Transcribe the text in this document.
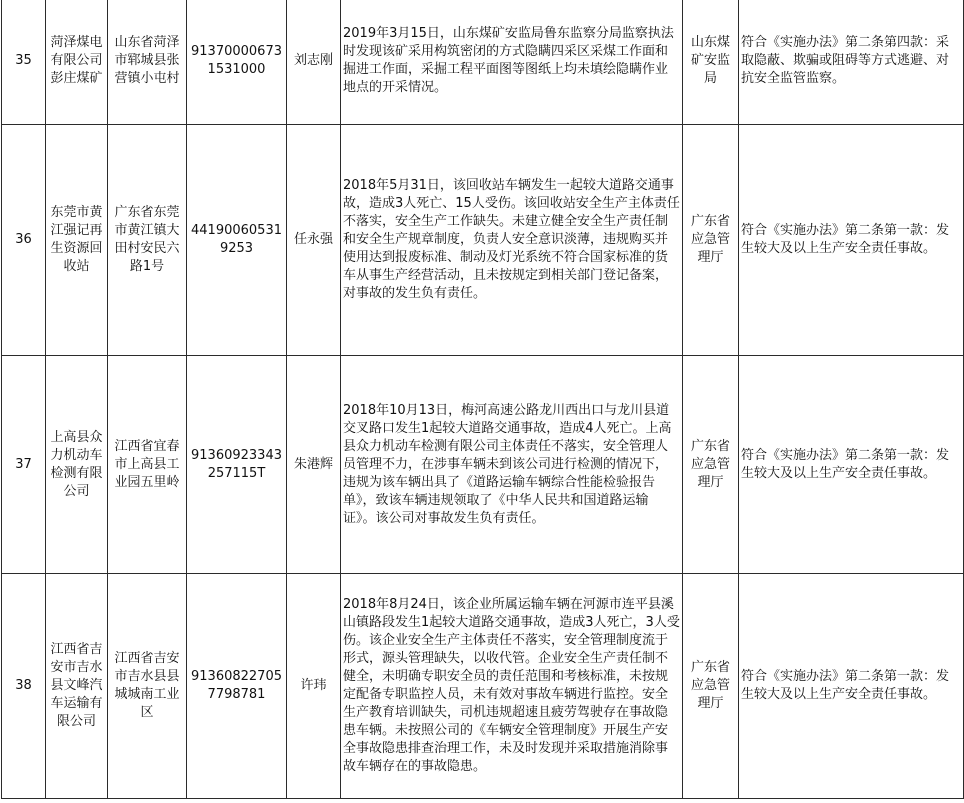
35	菏泽煤电有限公司彭庄煤矿	山东省菏泽市郓城县张营镇小屯村	913700006731531000	刘志刚	2019年3月15日，山东煤矿安监局鲁东监察分局监察执法时发现该矿采用构筑密闭的方式隐瞒四采区采煤工作面和掘进工作面，采掘工程平面图等图纸上均未填绘隐瞒作业地点的开采情况。	山东煤矿安监局	符合《实施办法》第二条第四款：采取隐蔽、欺骗或阻碍等方式逃避、对抗安全监管监察。
36	东莞市黄江强记再生资源回收站	广东省东莞市黄江镇大田村安民六路1号	441900605319253	任永强	2018年5月31日，该回收站车辆发生一起较大道路交通事故，造成3人死亡、15人受伤。该回收站安全生产主体责任不落实，安全生产工作缺失。未建立健全安全生产责任制和安全生产规章制度，负责人安全意识淡薄，违规购买并使用达到报废标准、制动及灯光系统不符合国家标准的货车从事生产经营活动，且未按规定到相关部门登记备案，对事故的发生负有责任。	广东省应急管理厅	符合《实施办法》第二条第一款：发生较大及以上生产安全责任事故。
37	上高县众力机动车检测有限公司	江西省宜春市上高县工业园五里岭	91360923343257115T	朱港辉	2018年10月13日，梅河高速公路龙川西出口与龙川县道交叉路口发生1起较大道路交通事故，造成4人死亡。上高县众力机动车检测有限公司主体责任不落实，安全管理人员管理不力，在涉事车辆未到该公司进行检测的情况下，违规为该车辆出具了《道路运输车辆综合性能检验报告单》，致该车辆违规领取了《中华人民共和国道路运输证》。该公司对事故发生负有责任。	广东省应急管理厅	符合《实施办法》第二条第一款：发生较大及以上生产安全责任事故。
38	江西省吉安市吉水县文峰汽车运输有限公司	江西省吉安市吉水县县城城南工业区	913608227057798781	许玮	2018年8月24日，该企业所属运输车辆在河源市连平县溪山镇路段发生1起较大道路交通事故，造成3人死亡，3人受伤。该企业安全生产主体责任不落实，安全管理制度流于形式，源头管理缺失，以收代管。企业安全生产责任制不健全，未明确专职安全员的责任范围和考核标准，未按规定配备专职监控人员，未有效对事故车辆进行监控。安全生产教育培训缺失，司机违规超速且疲劳驾驶存在事故隐患车辆。未按照公司的《车辆安全管理制度》开展生产安全事故隐患排查治理工作，未及时发现并采取措施消除事故车辆存在的事故隐患。	广东省应急管理厅	符合《实施办法》第二条第一款：发生较大及以上生产安全责任事故。
